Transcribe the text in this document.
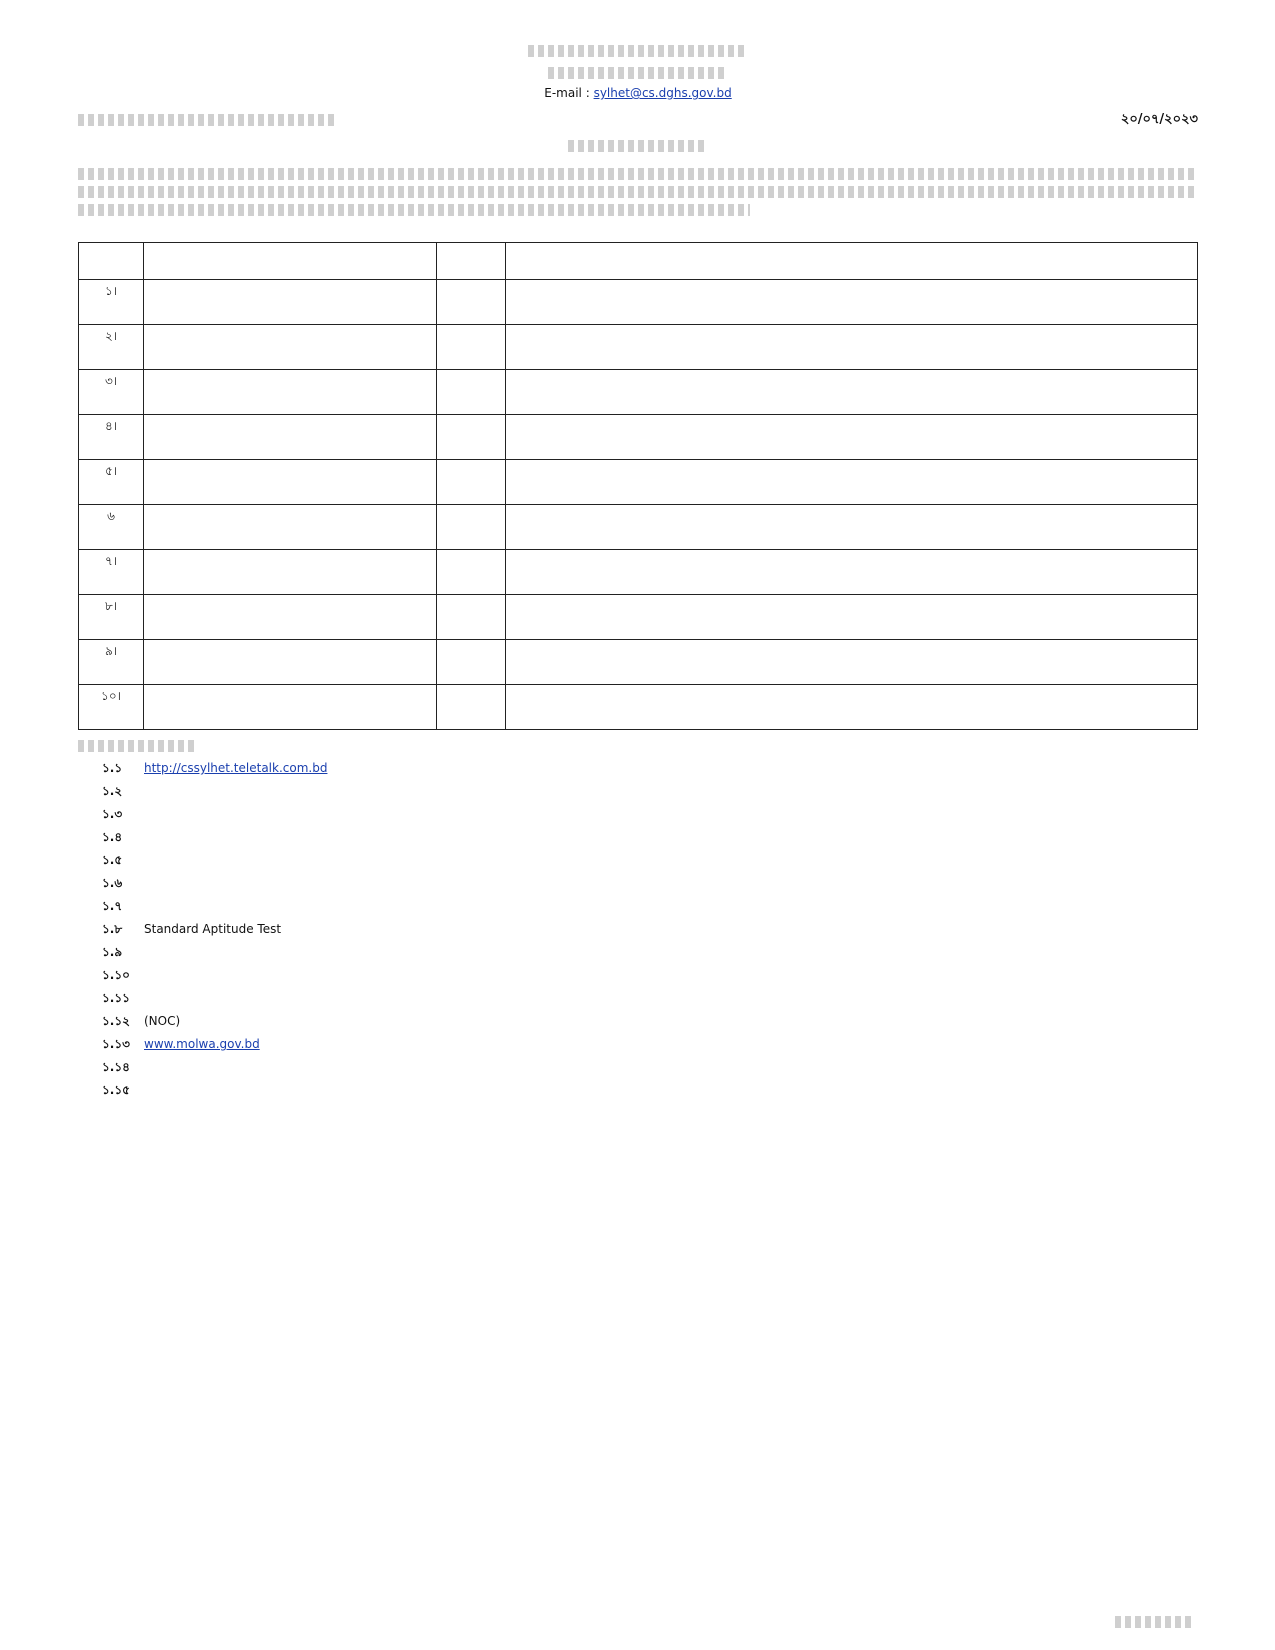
E-mail : sylhet@cs.dghs.gov.bd
২০/০৭/২০২৩

১।			
২।			
৩।			
৪।			
৫।			
৬			
৭।			
৮।			
৯।			
১০।			
১.১	http://cssylhet.teletalk.com.bd
১.২
১.৩
১.৪
১.৫
১.৬
১.৭
১.৮	Standard Aptitude Test
১.৯
১.১০
১.১১
১.১২	(NOC)
১.১৩	www.molwa.gov.bd
১.১৪
১.১৫
